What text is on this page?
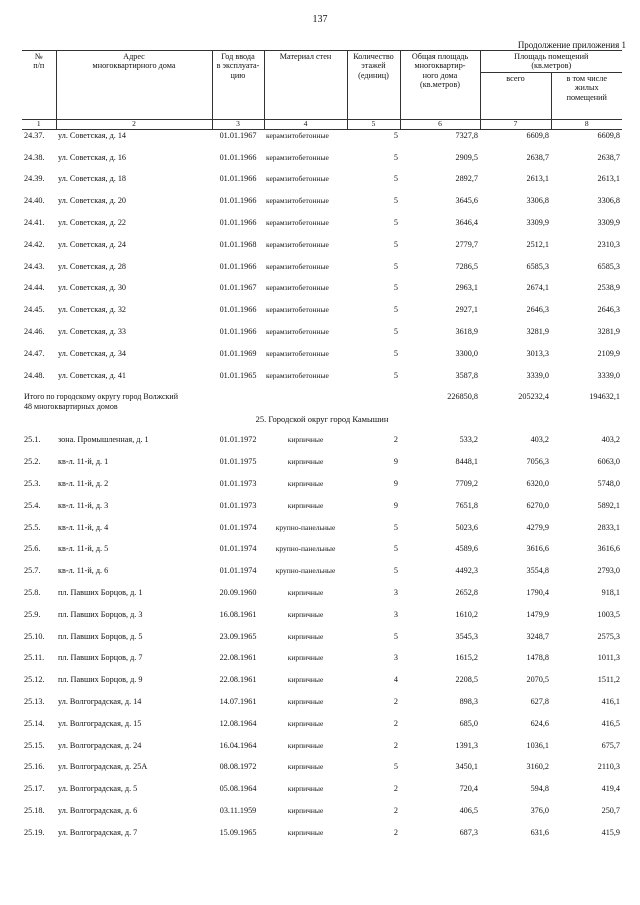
137
Продолжение приложения 1
№
п/п	Адрес
многоквартирного дома	Год ввода
в эксплуата-
цию	Материал стен	Количество
этажей
(единиц)	Общая площадь
многоквартир-
ного дома
(кв.метров)	Площадь помещений
(кв.метров)	
						всего	в том числе
жилых
помещений
1	2	3	4	5	6	7	8
24.37.	ул. Советская, д. 14	01.01.1967	керамзитобетонные	5	7327,8	6609,8	6609,8
24.38.	ул. Советская, д. 16	01.01.1966	керамзитобетонные	5	2909,5	2638,7	2638,7
24.39.	ул. Советская, д. 18	01.01.1966	керамзитобетонные	5	2892,7	2613,1	2613,1
24.40.	ул. Советская, д. 20	01.01.1966	керамзитобетонные	5	3645,6	3306,8	3306,8
24.41.	ул. Советская, д. 22	01.01.1966	керамзитобетонные	5	3646,4	3309,9	3309,9
24.42.	ул. Советская, д. 24	01.01.1968	керамзитобетонные	5	2779,7	2512,1	2310,3
24.43.	ул. Советская, д. 28	01.01.1966	керамзитобетонные	5	7286,5	6585,3	6585,3
24.44.	ул. Советская, д. 30	01.01.1967	керамзитобетонные	5	2963,1	2674,1	2538,9
24.45.	ул. Советская, д. 32	01.01.1966	керамзитобетонные	5	2927,1	2646,3	2646,3
24.46.	ул. Советская, д. 33	01.01.1966	керамзитобетонные	5	3618,9	3281,9	3281,9
24.47.	ул. Советская, д. 34	01.01.1969	керамзитобетонные	5	3300,0	3013,3	2109,9
24.48.	ул. Советская, д. 41	01.01.1965	керамзитобетонные	5	3587,8	3339,0	3339,0
Итого по городскому округу город Волжский
48 многоквартирных домов					226850,8	205232,4	194632,1
25. Городской округ город Камышин							
25.1.	зона. Промышленная, д. 1	01.01.1972	кирпичные	2	533,2	403,2	403,2
25.2.	кв-л. 11-й, д. 1	01.01.1975	кирпичные	9	8448,1	7056,3	6063,0
25.3.	кв-л. 11-й, д. 2	01.01.1973	кирпичные	9	7709,2	6320,0	5748,0
25.4.	кв-л. 11-й, д. 3	01.01.1973	кирпичные	9	7651,8	6270,0	5892,1
25.5.	кв-л. 11-й, д. 4	01.01.1974	крупно-панельные	5	5023,6	4279,9	2833,1
25.6.	кв-л. 11-й, д. 5	01.01.1974	крупно-панельные	5	4589,6	3616,6	3616,6
25.7.	кв-л. 11-й, д. 6	01.01.1974	крупно-панельные	5	4492,3	3554,8	2793,0
25.8.	пл. Павших Борцов, д. 1	20.09.1960	кирпичные	3	2652,8	1790,4	918,1
25.9.	пл. Павших Борцов, д. 3	16.08.1961	кирпичные	3	1610,2	1479,9	1003,5
25.10.	пл. Павших Борцов, д. 5	23.09.1965	кирпичные	5	3545,3	3248,7	2575,3
25.11.	пл. Павших Борцов, д. 7	22.08.1961	кирпичные	3	1615,2	1478,8	1011,3
25.12.	пл. Павших Борцов, д. 9	22.08.1961	кирпичные	4	2208,5	2070,5	1511,2
25.13.	ул. Волгоградская, д. 14	14.07.1961	кирпичные	2	898,3	627,8	416,1
25.14.	ул. Волгоградская, д. 15	12.08.1964	кирпичные	2	685,0	624,6	416,5
25.15.	ул. Волгоградская, д. 24	16.04.1964	кирпичные	2	1391,3	1036,1	675,7
25.16.	ул. Волгоградская, д. 25А	08.08.1972	кирпичные	5	3450,1	3160,2	2110,3
25.17.	ул. Волгоградская, д. 5	05.08.1964	кирпичные	2	720,4	594,8	419,4
25.18.	ул. Волгоградская, д. 6	03.11.1959	кирпичные	2	406,5	376,0	250,7
25.19.	ул. Волгоградская, д. 7	15.09.1965	кирпичные	2	687,3	631,6	415,9
